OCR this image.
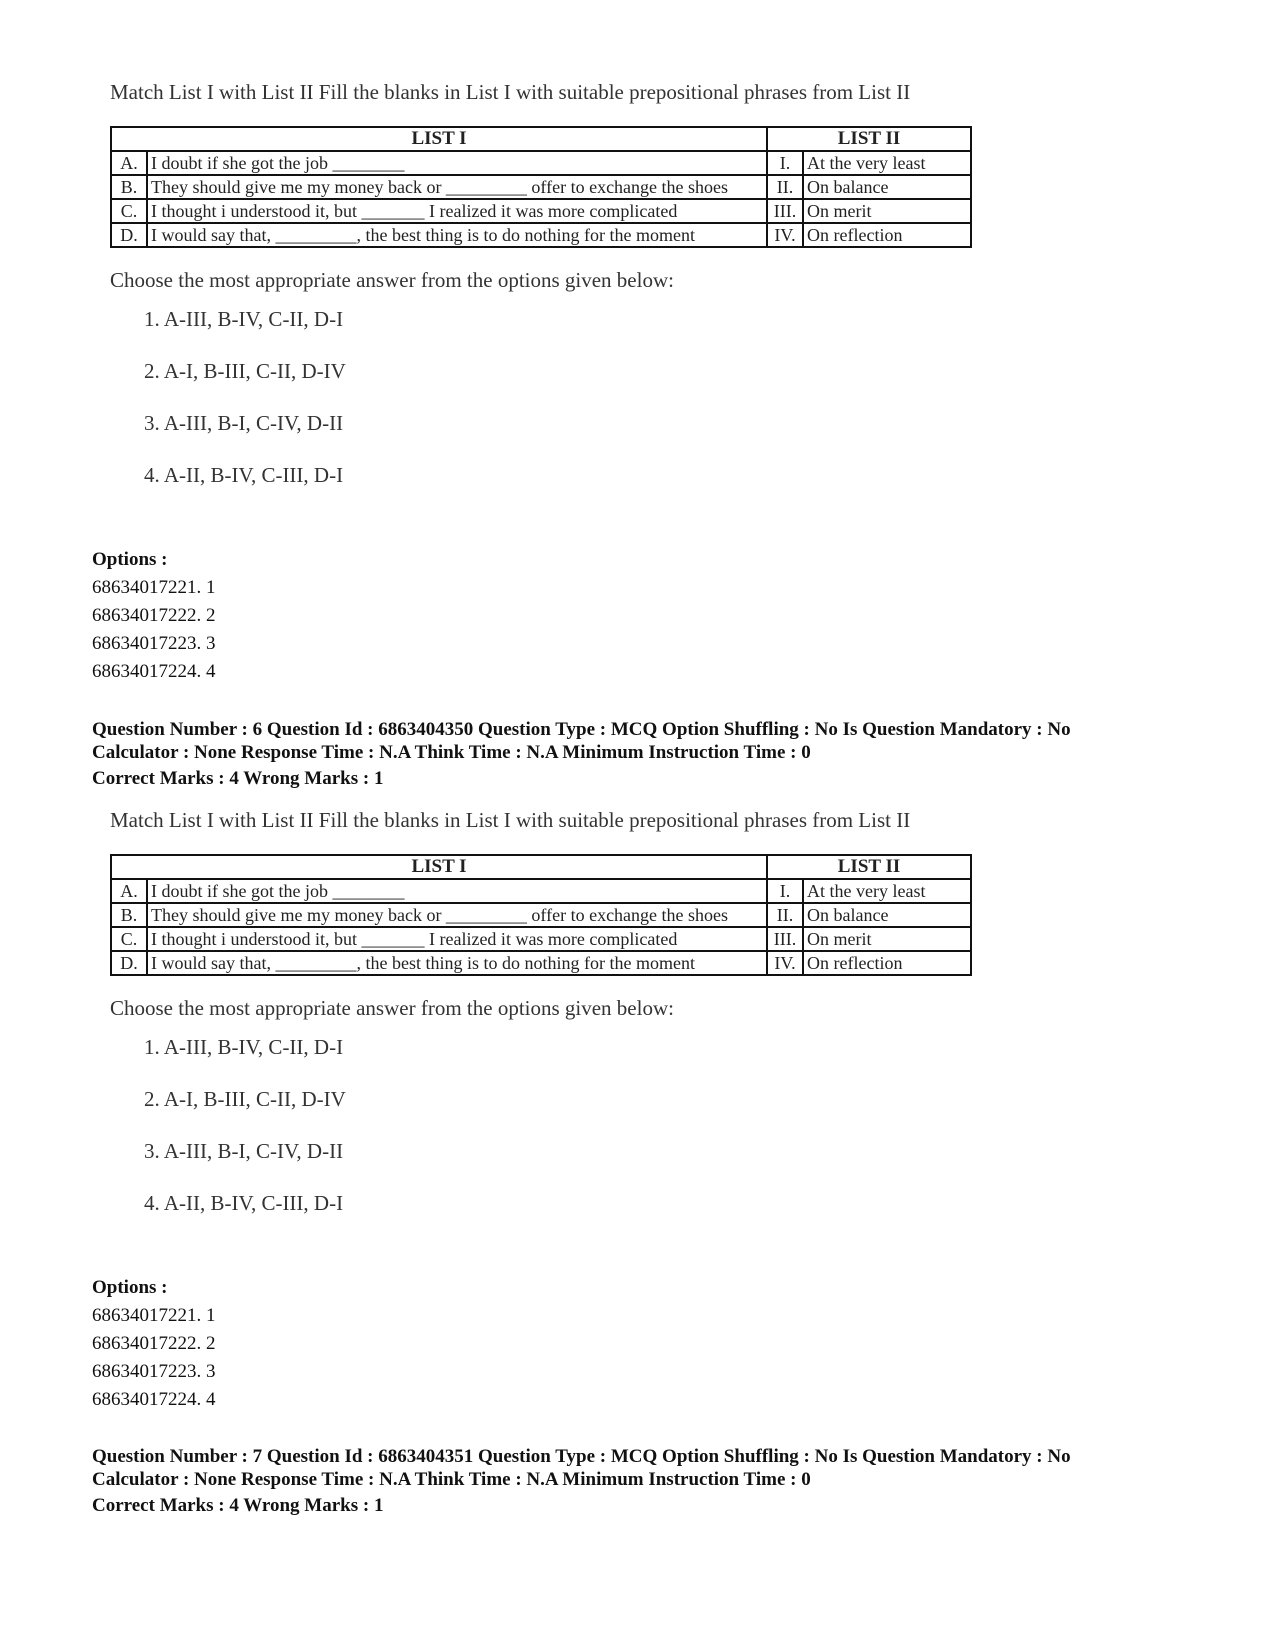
Match List I with List II Fill the blanks in List I with suitable prepositional phrases from List II
LIST I		LIST II	
A.	I doubt if she got the job ________	I.	At the very least
B.	They should give me my money back or _________ offer to exchange the shoes	II.	On balance
C.	I thought i understood it, but _______ I realized it was more complicated	III.	On merit
D.	I would say that, _________, the best thing is to do nothing for the moment	IV.	On reflection
Choose the most appropriate answer from the options given below:
1. A-III, B-IV, C-II, D-I
2. A-I, B-III, C-II, D-IV
3. A-III, B-I, C-IV, D-II
4. A-II, B-IV, C-III, D-I
Options :
68634017221. 1
68634017222. 2
68634017223. 3
68634017224. 4
Question Number : 6 Question Id : 6863404350 Question Type : MCQ Option Shuffling : No Is Question Mandatory : No
Calculator : None Response Time : N.A Think Time : N.A Minimum Instruction Time : 0
Correct Marks : 4 Wrong Marks : 1
Match List I with List II Fill the blanks in List I with suitable prepositional phrases from List II
LIST I		LIST II	
A.	I doubt if she got the job ________	I.	At the very least
B.	They should give me my money back or _________ offer to exchange the shoes	II.	On balance
C.	I thought i understood it, but _______ I realized it was more complicated	III.	On merit
D.	I would say that, _________, the best thing is to do nothing for the moment	IV.	On reflection
Choose the most appropriate answer from the options given below:
1. A-III, B-IV, C-II, D-I
2. A-I, B-III, C-II, D-IV
3. A-III, B-I, C-IV, D-II
4. A-II, B-IV, C-III, D-I
Options :
68634017221. 1
68634017222. 2
68634017223. 3
68634017224. 4
Question Number : 7 Question Id : 6863404351 Question Type : MCQ Option Shuffling : No Is Question Mandatory : No
Calculator : None Response Time : N.A Think Time : N.A Minimum Instruction Time : 0
Correct Marks : 4 Wrong Marks : 1
